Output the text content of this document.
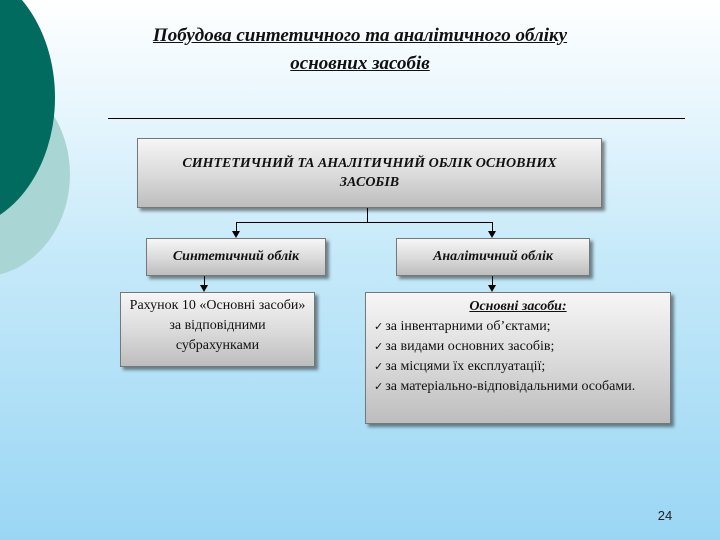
Побудова синтетичного та аналітичного обліку
основних засобів
СИНТЕТИЧНИЙ ТА АНАЛІТИЧНИЙ ОБЛІК ОСНОВНИХ ЗАСОБІВ
Синтетичний облік	Аналітичний облік
Рахунок 10 «Основні засоби» за відповідними субрахунками
Основні засоби:
✓ за інвентарними об’єктами;
✓ за видами основних засобів;
✓ за місцями їх експлуатації;
✓ за матеріально-відповідальними особами.
24
